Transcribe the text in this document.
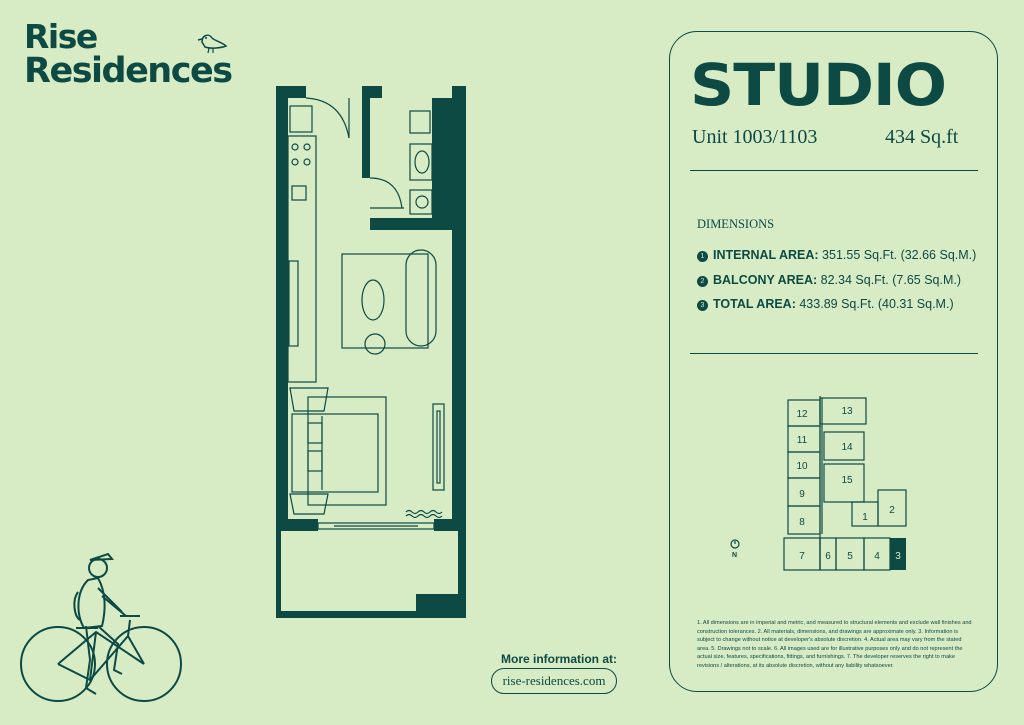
Rise
Residences
More information at:
rise-residences.com
STUDIO
Unit 1003/1103	434 Sq.ft
DIMENSIONS
1 INTERNAL AREA: 351.55 Sq.Ft. (32.66 Sq.M.)
2 BALCONY AREA: 82.34 Sq.Ft. (7.65 Sq.M.)
3 TOTAL AREA: 433.89 Sq.Ft. (40.31 Sq.M.)
N
12	13
11
14
10
15
9
1
2
8
7 6 5 4 3
1. All dimensions are in imperial and metric, and measured to structural elements and exclude wall finishes and construction tolerances. 2. All materials, dimensions, and drawings are approximate only. 3. Information is subject to change without notice at developer's absolute discretion. 4. Actual area may vary from the stated area. 5. Drawings not to scale. 6. All images used are for illustrative purposes only and do not represent the actual size, features, specifications, fittings, and furnishings. 7. The developer reserves the right to make revisions / alterations, at its absolute discretion, without any liability whatsoever.
